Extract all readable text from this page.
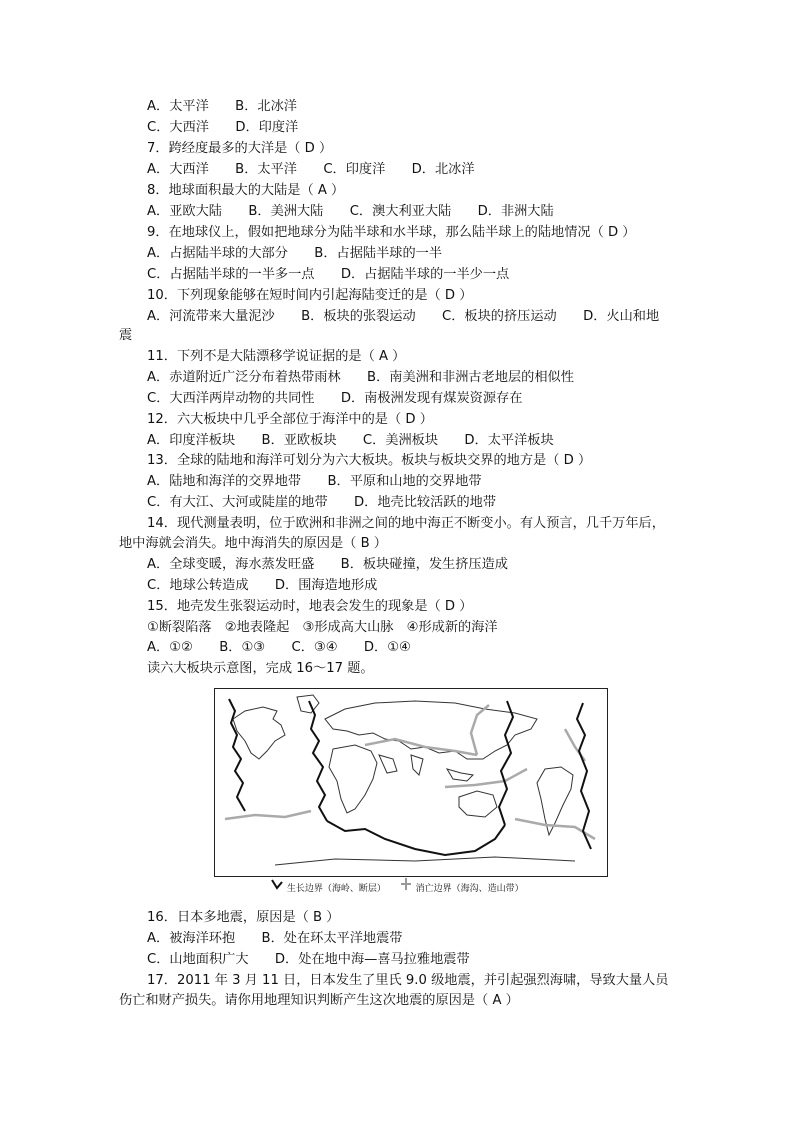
A．太平洋　　B．北冰洋

C．大西洋　　D．印度洋

7．跨经度最多的大洋是（ D ）

A．大西洋　　B．太平洋　　C．印度洋　　D．北冰洋

8．地球面积最大的大陆是（ A ）

A．亚欧大陆　　B．美洲大陆　　C．澳大利亚大陆　　D．非洲大陆

9．在地球仪上，假如把地球分为陆半球和水半球，那么陆半球上的陆地情况（ D ）

A．占据陆半球的大部分　　B．占据陆半球的一半

C．占据陆半球的一半多一点　　D．占据陆半球的一半少一点

10．下列现象能够在短时间内引起海陆变迁的是（ D ）

A．河流带来大量泥沙　　B．板块的张裂运动　　C．板块的挤压运动　　D．火山和地

震

11．下列不是大陆漂移学说证据的是（ A ）

A．赤道附近广泛分布着热带雨林　　B．南美洲和非洲古老地层的相似性

C．大西洋两岸动物的共同性　　D．南极洲发现有煤炭资源存在

12．六大板块中几乎全部位于海洋中的是（ D ）

A．印度洋板块　　B．亚欧板块　　C．美洲板块　　D．太平洋板块

13．全球的陆地和海洋可划分为六大板块。板块与板块交界的地方是（ D ）

A．陆地和海洋的交界地带　　B．平原和山地的交界地带

C．有大江、大河或陡崖的地带　　D．地壳比较活跃的地带

14．现代测量表明，位于欧洲和非洲之间的地中海正不断变小。有人预言，几千万年后，

地中海就会消失。地中海消失的原因是（ B ）

A．全球变暖，海水蒸发旺盛　　B．板块碰撞，发生挤压造成

C．地球公转造成　　D．围海造地形成

15．地壳发生张裂运动时，地表会发生的现象是（ D ）

①断裂陷落　②地表隆起　③形成高大山脉　④形成新的海洋

A．①②　　B．①③　　C．③④　　D．①④

读六大板块示意图，完成 16～17 题。

生长边界（海岭、断层）	消亡边界（海沟、造山带）

16．日本多地震，原因是（ B ）

A．被海洋环抱　　B．处在环太平洋地震带

C．山地面积广大　　D．处在地中海—喜马拉雅地震带

17．2011 年 3 月 11 日，日本发生了里氏 9.0 级地震，并引起强烈海啸，导致大量人员

伤亡和财产损失。请你用地理知识判断产生这次地震的原因是（ A ）
